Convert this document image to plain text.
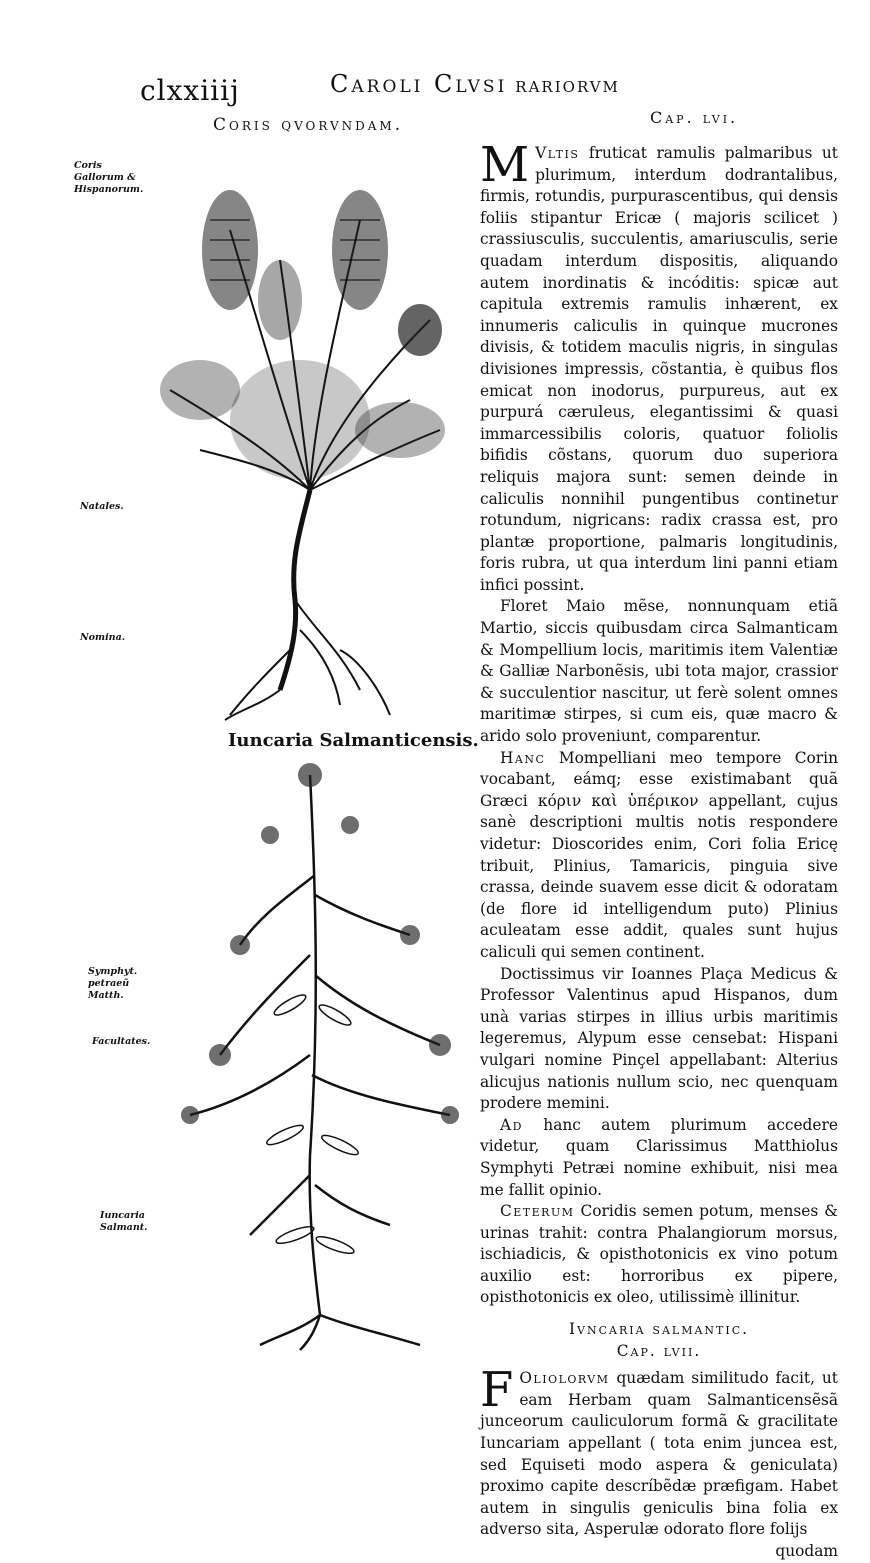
clxxiiij	Caroli Clvsi rariorvm
Coris qvorvndam.	Cap. lvi.
Coris Gallorum & Hispanorum.
Natales.
Nomina.
Symphyt. petraeũ Matth.
Facultates.
Iuncaria Salmant.
Iuncaria Salmanticensis.

M Vltis fruticat ramulis palmaribus ut plurimum, interdum dodrantalibus, firmis, rotundis, purpurascentibus, qui densis foliis stipantur Ericæ ( majoris scilicet ) crassiusculis, succulentis, amariusculis, serie quadam interdum dispositis, aliquando autem inordinatis & incóditis: spicæ aut capitula extremis ramulis inhærent, ex innumeris caliculis in quinque mucrones divisis, & totidem maculis nigris, in singulas divisiones impressis, cõstantia, è quibus flos emicat non inodorus, purpureus, aut ex purpurá cæruleus, elegantissimi & quasi immarcessibilis coloris, quatuor foliolis bifidis cõstans, quorum duo superiora reliquis majora sunt: semen deinde in caliculis nonnihil pungentibus continetur rotundum, nigricans: radix crassa est, pro plantæ proportione, palmaris longitudinis, foris rubra, ut qua interdum lini panni etiam infici possint.

Floret Maio mẽse, nonnunquam etiã Martio, siccis quibusdam circa Salmanticam & Mompellium locis, maritimis item Valentiæ & Galliæ Narbonẽsis, ubi tota major, crassior & succulentior nascitur, ut ferè solent omnes maritimæ stirpes, si cum eis, quæ macro & arido solo proveniunt, comparentur.

Hanc Mompelliani meo tempore Corin vocabant, eámq; esse existimabant quã Græci κόριν καὶ ὑπέρικον appellant, cujus sanè descriptioni multis notis respondere videtur: Dioscorides enim, Cori folia Ericę tribuit, Plinius, Tamaricis, pinguia sive crassa, deinde suavem esse dicit & odoratam (de flore id intelligendum puto) Plinius aculeatam esse addit, quales sunt hujus caliculi qui semen continent.

Doctissimus vir Ioannes Plaça Medicus & Professor Valentinus apud Hispanos, dum unà varias stirpes in illius urbis maritimis legeremus, Alypum esse censebat: Hispani vulgari nomine Pinçel appellabant: Alterius alicujus nationis nullum scio, nec quenquam prodere memini.

Ad hanc autem plurimum accedere videtur, quam Clarissimus Matthiolus Symphyti Petræi nomine exhibuit, nisi mea me fallit opinio.

Ceterum Coridis semen potum, menses & urinas trahit: contra Phalangiorum morsus, ischiadicis, & opisthotonicis ex vino potum auxilio est: horroribus ex pipere, opisthotonicis ex oleo, utilissimè illinitur.

Ivncaria salmantic.

Cap. lvii.

F Oliolorvm quædam similitudo facit, ut eam Herbam quam Salmanticensẽsã junceorum cauliculorum formã & gracilitate Iuncariam appellant ( tota enim juncea est, sed Equiseti modo aspera & geniculata) proximo capite descríbẽdæ præfigam. Habet autem in singulis geniculis bina folia ex adverso sita, Asperulæ odorato flore folijs

quodam
